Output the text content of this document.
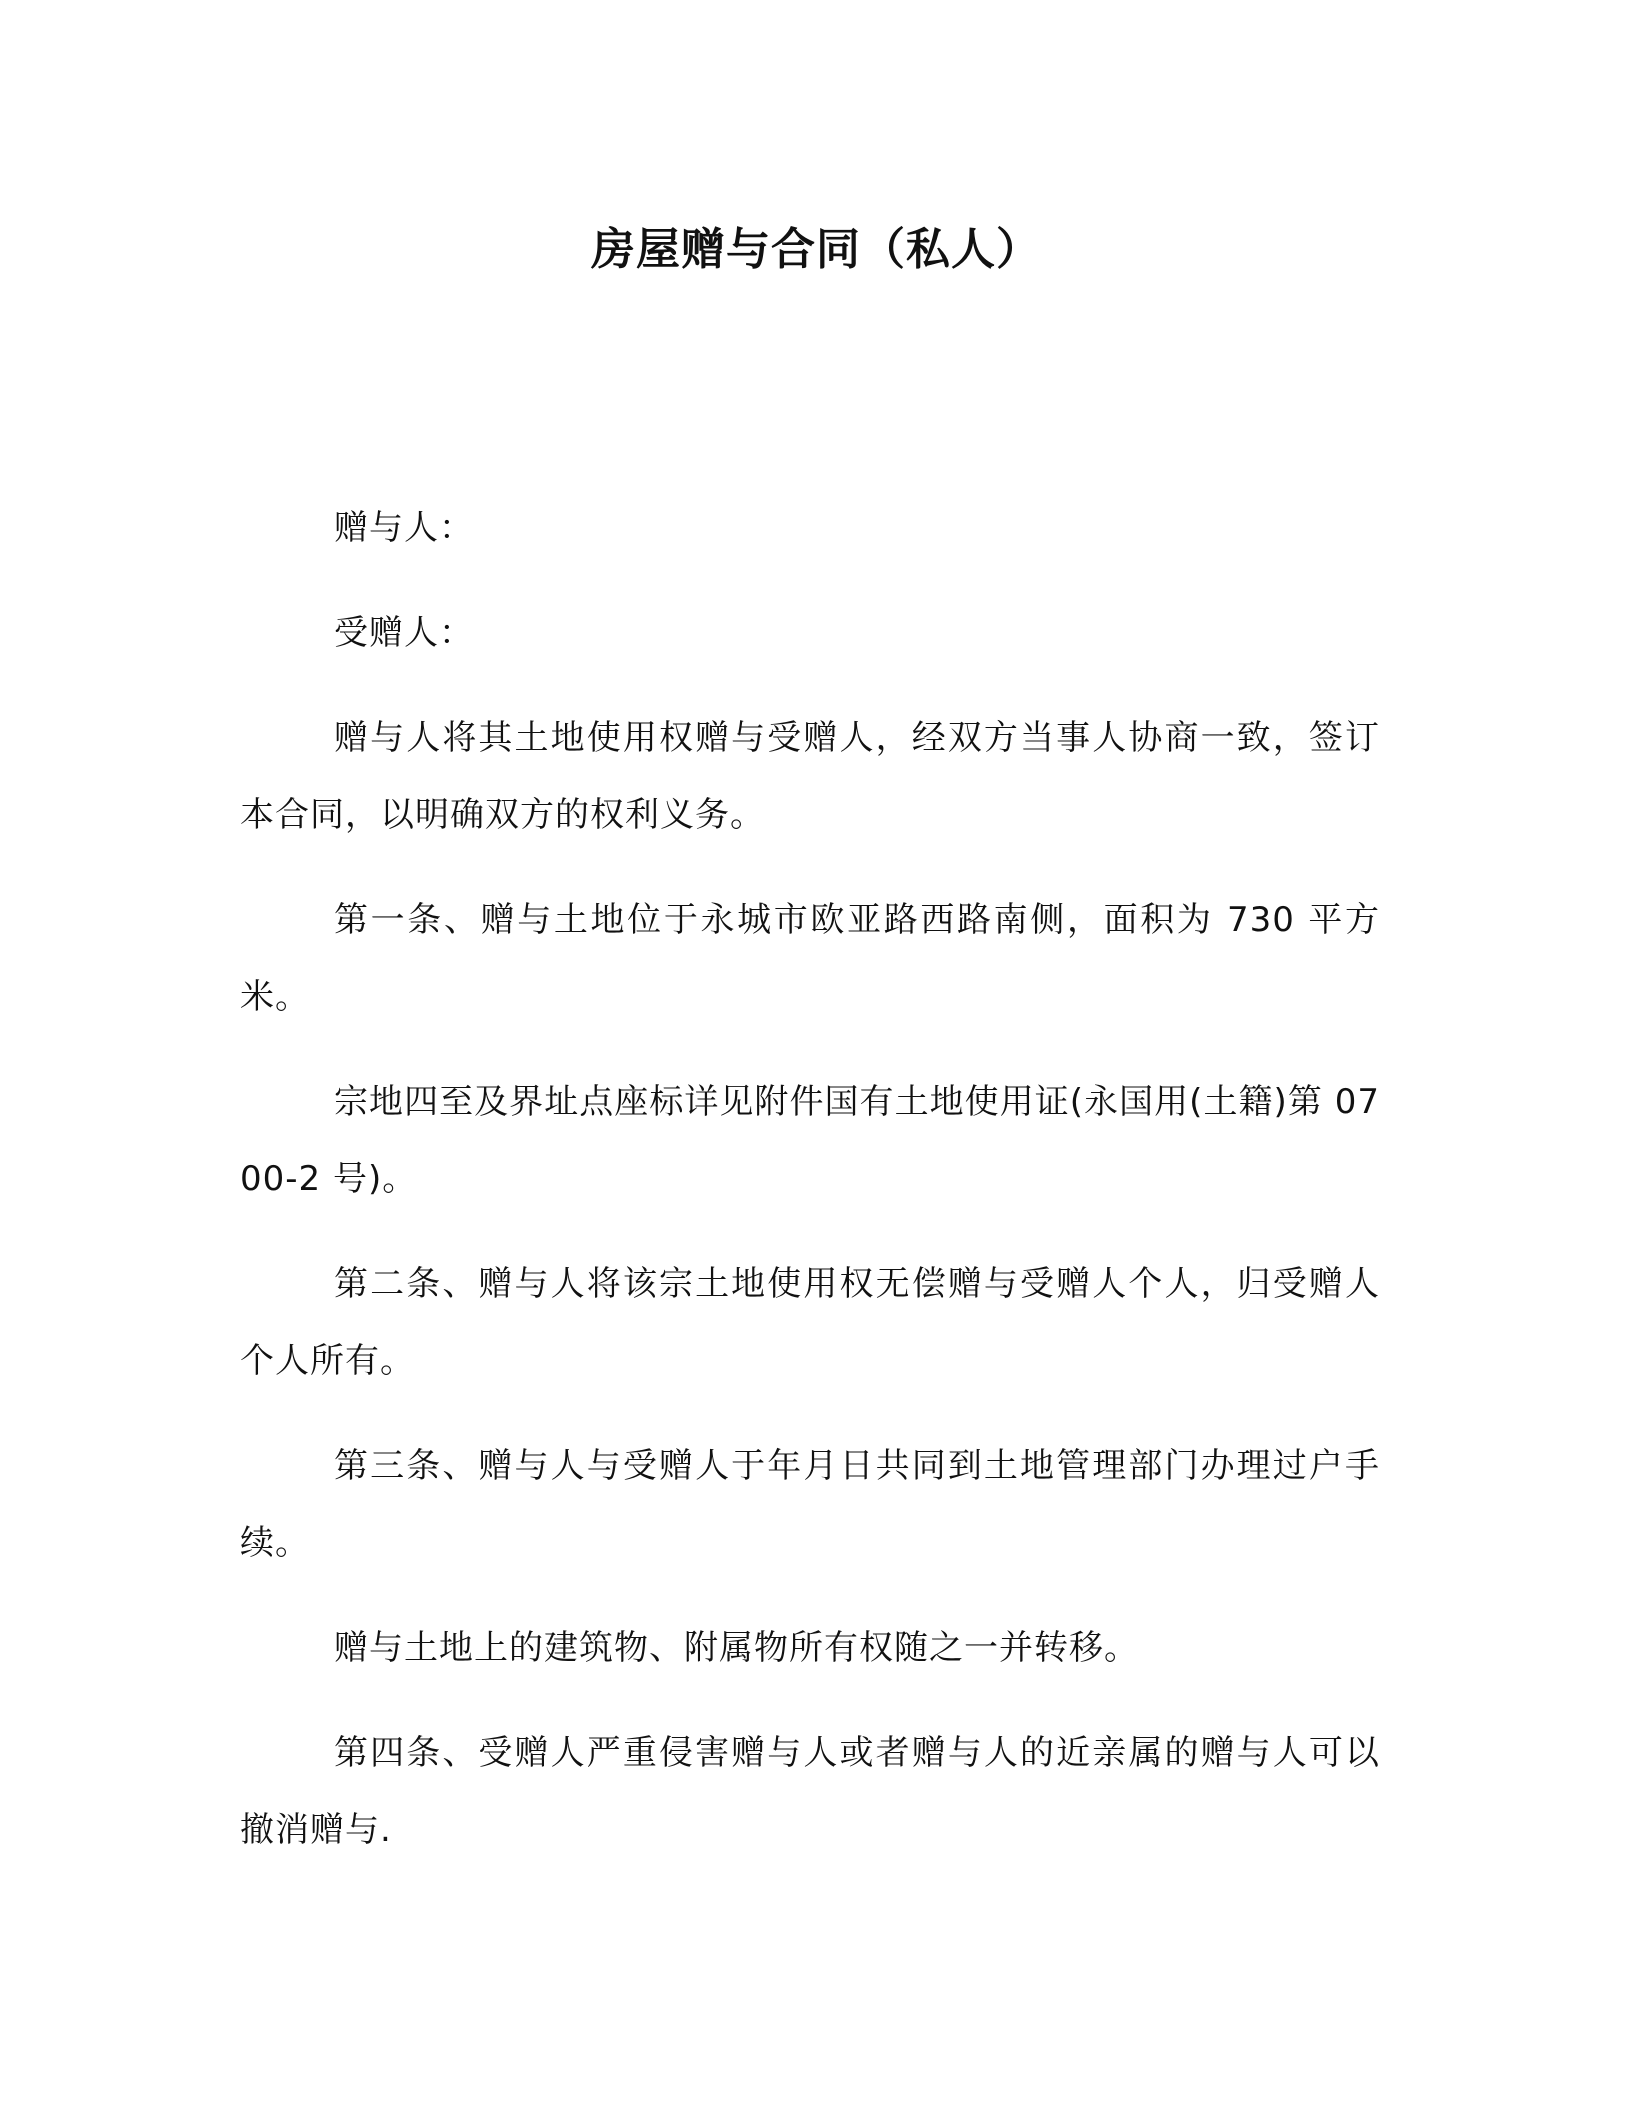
房屋赠与合同（私人）

赠与人：

受赠人：

赠与人将其土地使用权赠与受赠人，经双方当事人协商一致，签订本合同，以明确双方的权利义务。

第一条、赠与土地位于永城市欧亚路西路南侧，面积为 730 平方米。

宗地四至及界址点座标详见附件国有土地使用证(永国用(土籍)第 0700-2 号)。

第二条、赠与人将该宗土地使用权无偿赠与受赠人个人，归受赠人个人所有。

第三条、赠与人与受赠人于年月日共同到土地管理部门办理过户手续。

赠与土地上的建筑物、附属物所有权随之一并转移。

第四条、受赠人严重侵害赠与人或者赠与人的近亲属的赠与人可以撤消赠与.
